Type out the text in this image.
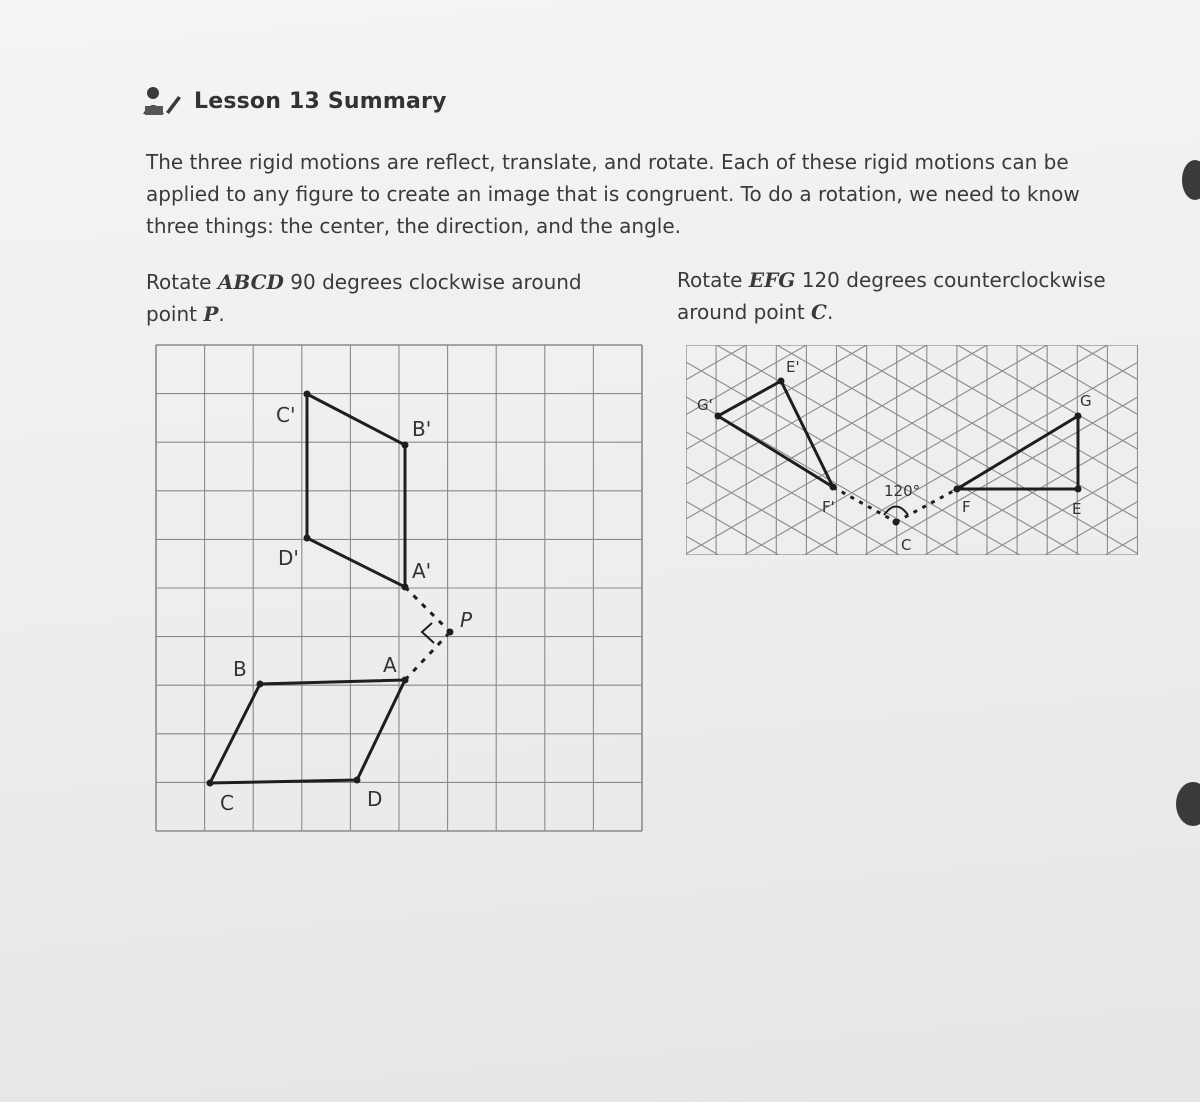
Lesson 13 Summary

The three rigid motions are reflect, translate, and rotate. Each of these rigid motions can be

applied to any figure to create an image that is congruent. To do a rotation, we need to know

three things: the center, the direction, and the angle.

Rotate ABCD 90 degrees clockwise around
point P.
Rotate EFG 120 degrees counterclockwise
around point C.
C'
B'
D'
A'
P
B	A
C	D
E'
G'	G
F'
120°
F	E
C
